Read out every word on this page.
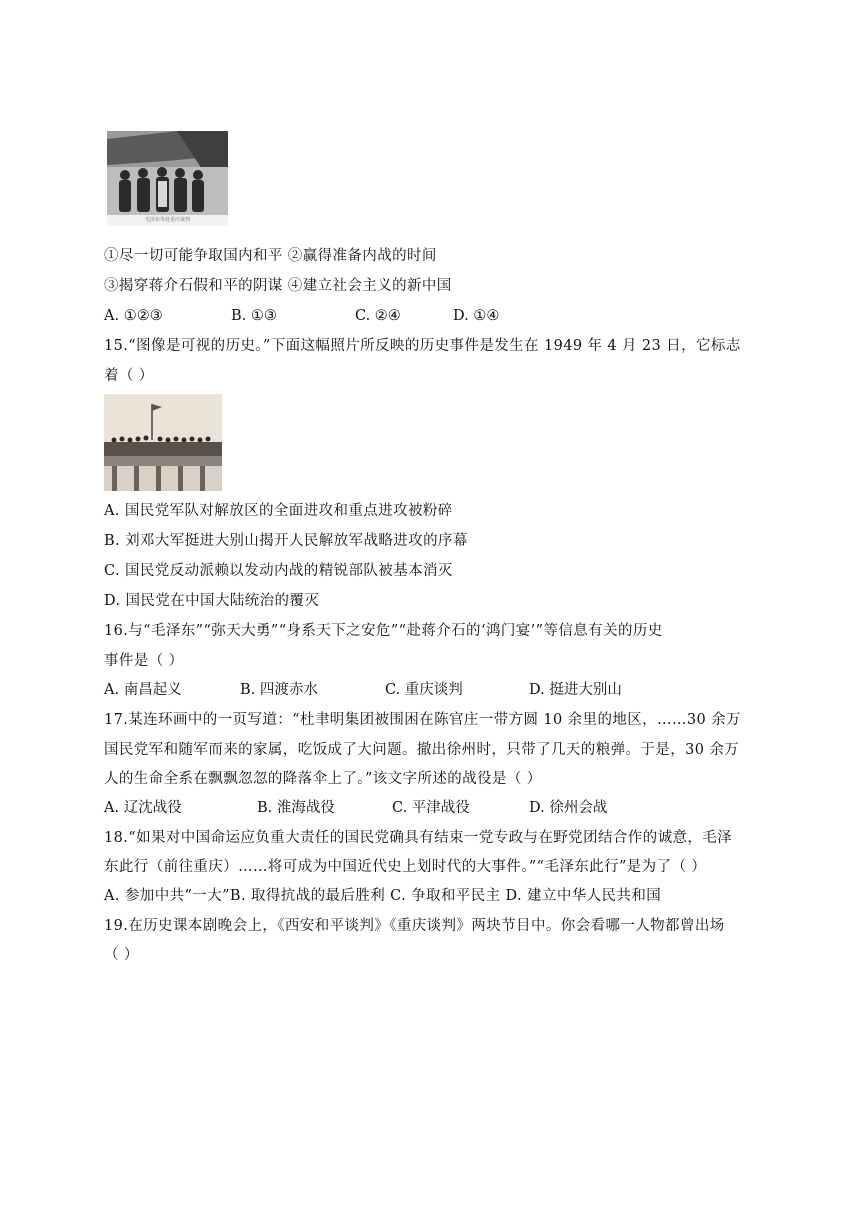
毛泽东等赴重庆谈判
①尽一切可能争取国内和平 ②赢得准备内战的时间
③揭穿蒋介石假和平的阴谋 ④建立社会主义的新中国
A. ①②③	B. ①③	C. ②④	D. ①④
15.“图像是可视的历史。”下面这幅照片所反映的历史事件是发生在 1949 年 4 月 23 日，它标志
着（ ）
A. 国民党军队对解放区的全面进攻和重点进攻被粉碎
B. 刘邓大军挺进大别山揭开人民解放军战略进攻的序幕
C. 国民党反动派赖以发动内战的精锐部队被基本消灭
D. 国民党在中国大陆统治的覆灭
16.与“毛泽东”“弥天大勇”“身系天下之安危”“赴蒋介石的‘鸿门宴’”等信息有关的历史
事件是（ ）
A. 南昌起义	B. 四渡赤水	C. 重庆谈判	D. 挺进大别山
17.某连环画中的一页写道：“杜聿明集团被围困在陈官庄一带方圆 10 余里的地区，……30 余万
国民党军和随军而来的家属，吃饭成了大问题。撤出徐州时，只带了几天的粮弹。于是，30 余万
人的生命全系在飘飘忽忽的降落伞上了。”该文字所述的战役是（ ）
A. 辽沈战役	B. 淮海战役	C. 平津战役	D. 徐州会战
18.“如果对中国命运应负重大责任的国民党确具有结束一党专政与在野党团结合作的诚意，毛泽
东此行（前往重庆）……将可成为中国近代史上划时代的大事件。”“毛泽东此行”是为了（ ）
A. 参加中共“一大”B. 取得抗战的最后胜利 C. 争取和平民主 D. 建立中华人民共和国
19.在历史课本剧晚会上，《西安和平谈判》《重庆谈判》两块节目中。你会看哪一人物都曾出场
（ ）
